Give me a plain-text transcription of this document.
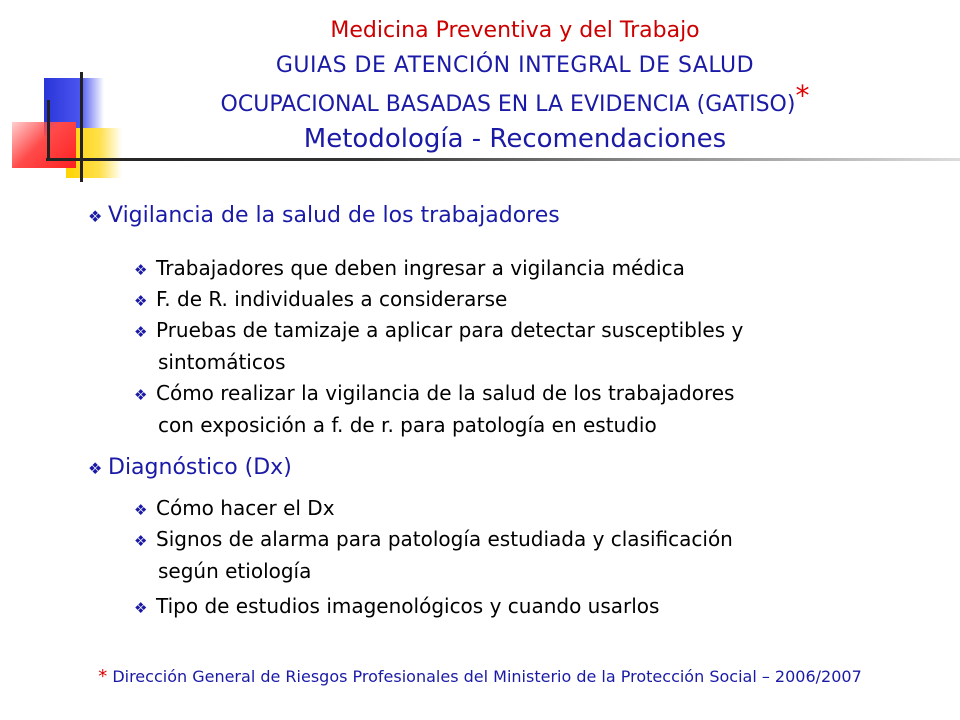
Medicina Preventiva y del Trabajo
GUIAS DE ATENCIÓN INTEGRAL DE SALUD
OCUPACIONAL BASADAS EN LA EVIDENCIA (GATISO)*
Metodología - Recomendaciones
❖ Vigilancia de la salud de los trabajadores
❖ Trabajadores que deben ingresar a vigilancia médica
❖ F. de R. individuales a considerarse
❖ Pruebas de tamizaje a aplicar para detectar susceptibles y
sintomáticos
❖ Cómo realizar la vigilancia de la salud de los trabajadores
con exposición a f. de r. para patología en estudio
❖ Diagnóstico (Dx)
❖ Cómo hacer el Dx
❖ Signos de alarma para patología estudiada y clasificación
según etiología
❖ Tipo de estudios imagenológicos y cuando usarlos
* Dirección General de Riesgos Profesionales del Ministerio de la Protección Social – 2006/2007
